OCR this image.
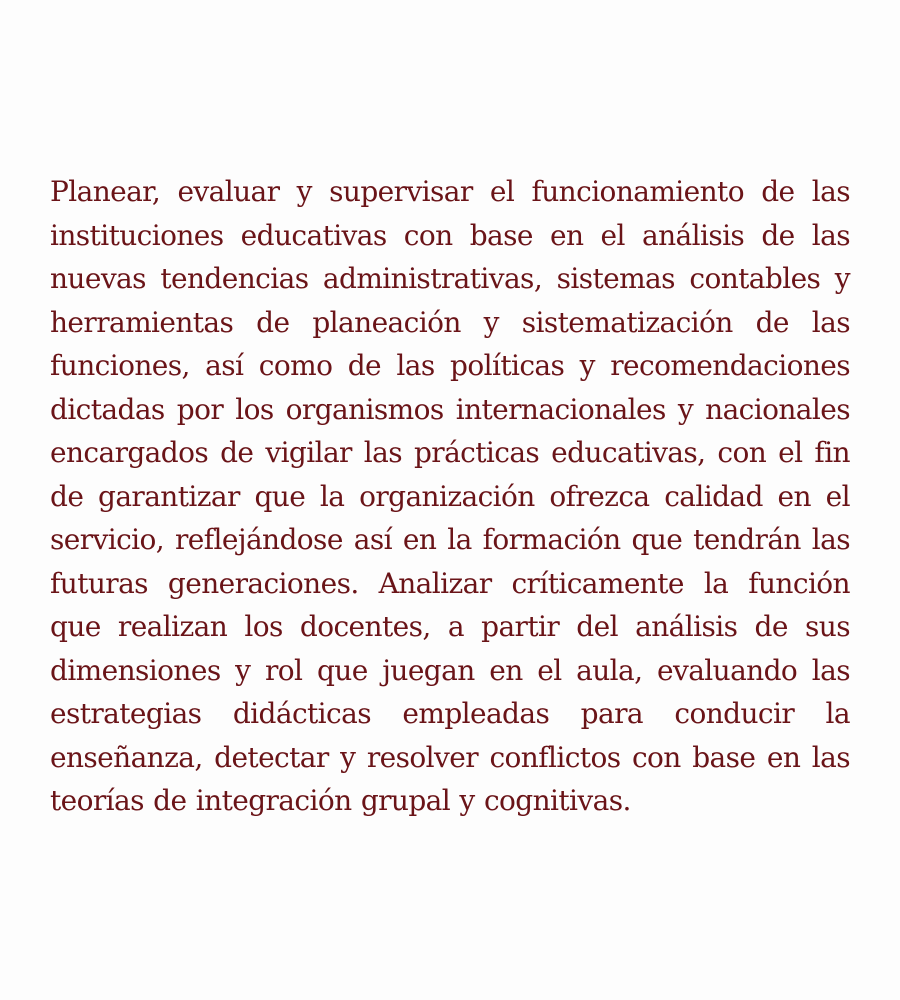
Planear, evaluar y supervisar el funcionamiento de las instituciones educativas con base en el análisis de las nuevas tendencias administrativas, sistemas contables y herramientas de planeación y sistematización de las funciones, así como de las políticas y recomendaciones dictadas por los organismos internacionales y nacionales encargados de vigilar las prácticas educativas, con el fin de garantizar que la organización ofrezca calidad en el servicio, reflejándose así en la formación que tendrán las futuras generaciones. Analizar críticamente la función que realizan los docentes, a partir del análisis de sus dimensiones y rol que juegan en el aula, evaluando las estrategias didácticas empleadas para conducir la enseñanza, detectar y resolver conflictos con base en las teorías de integración grupal y cognitivas.
